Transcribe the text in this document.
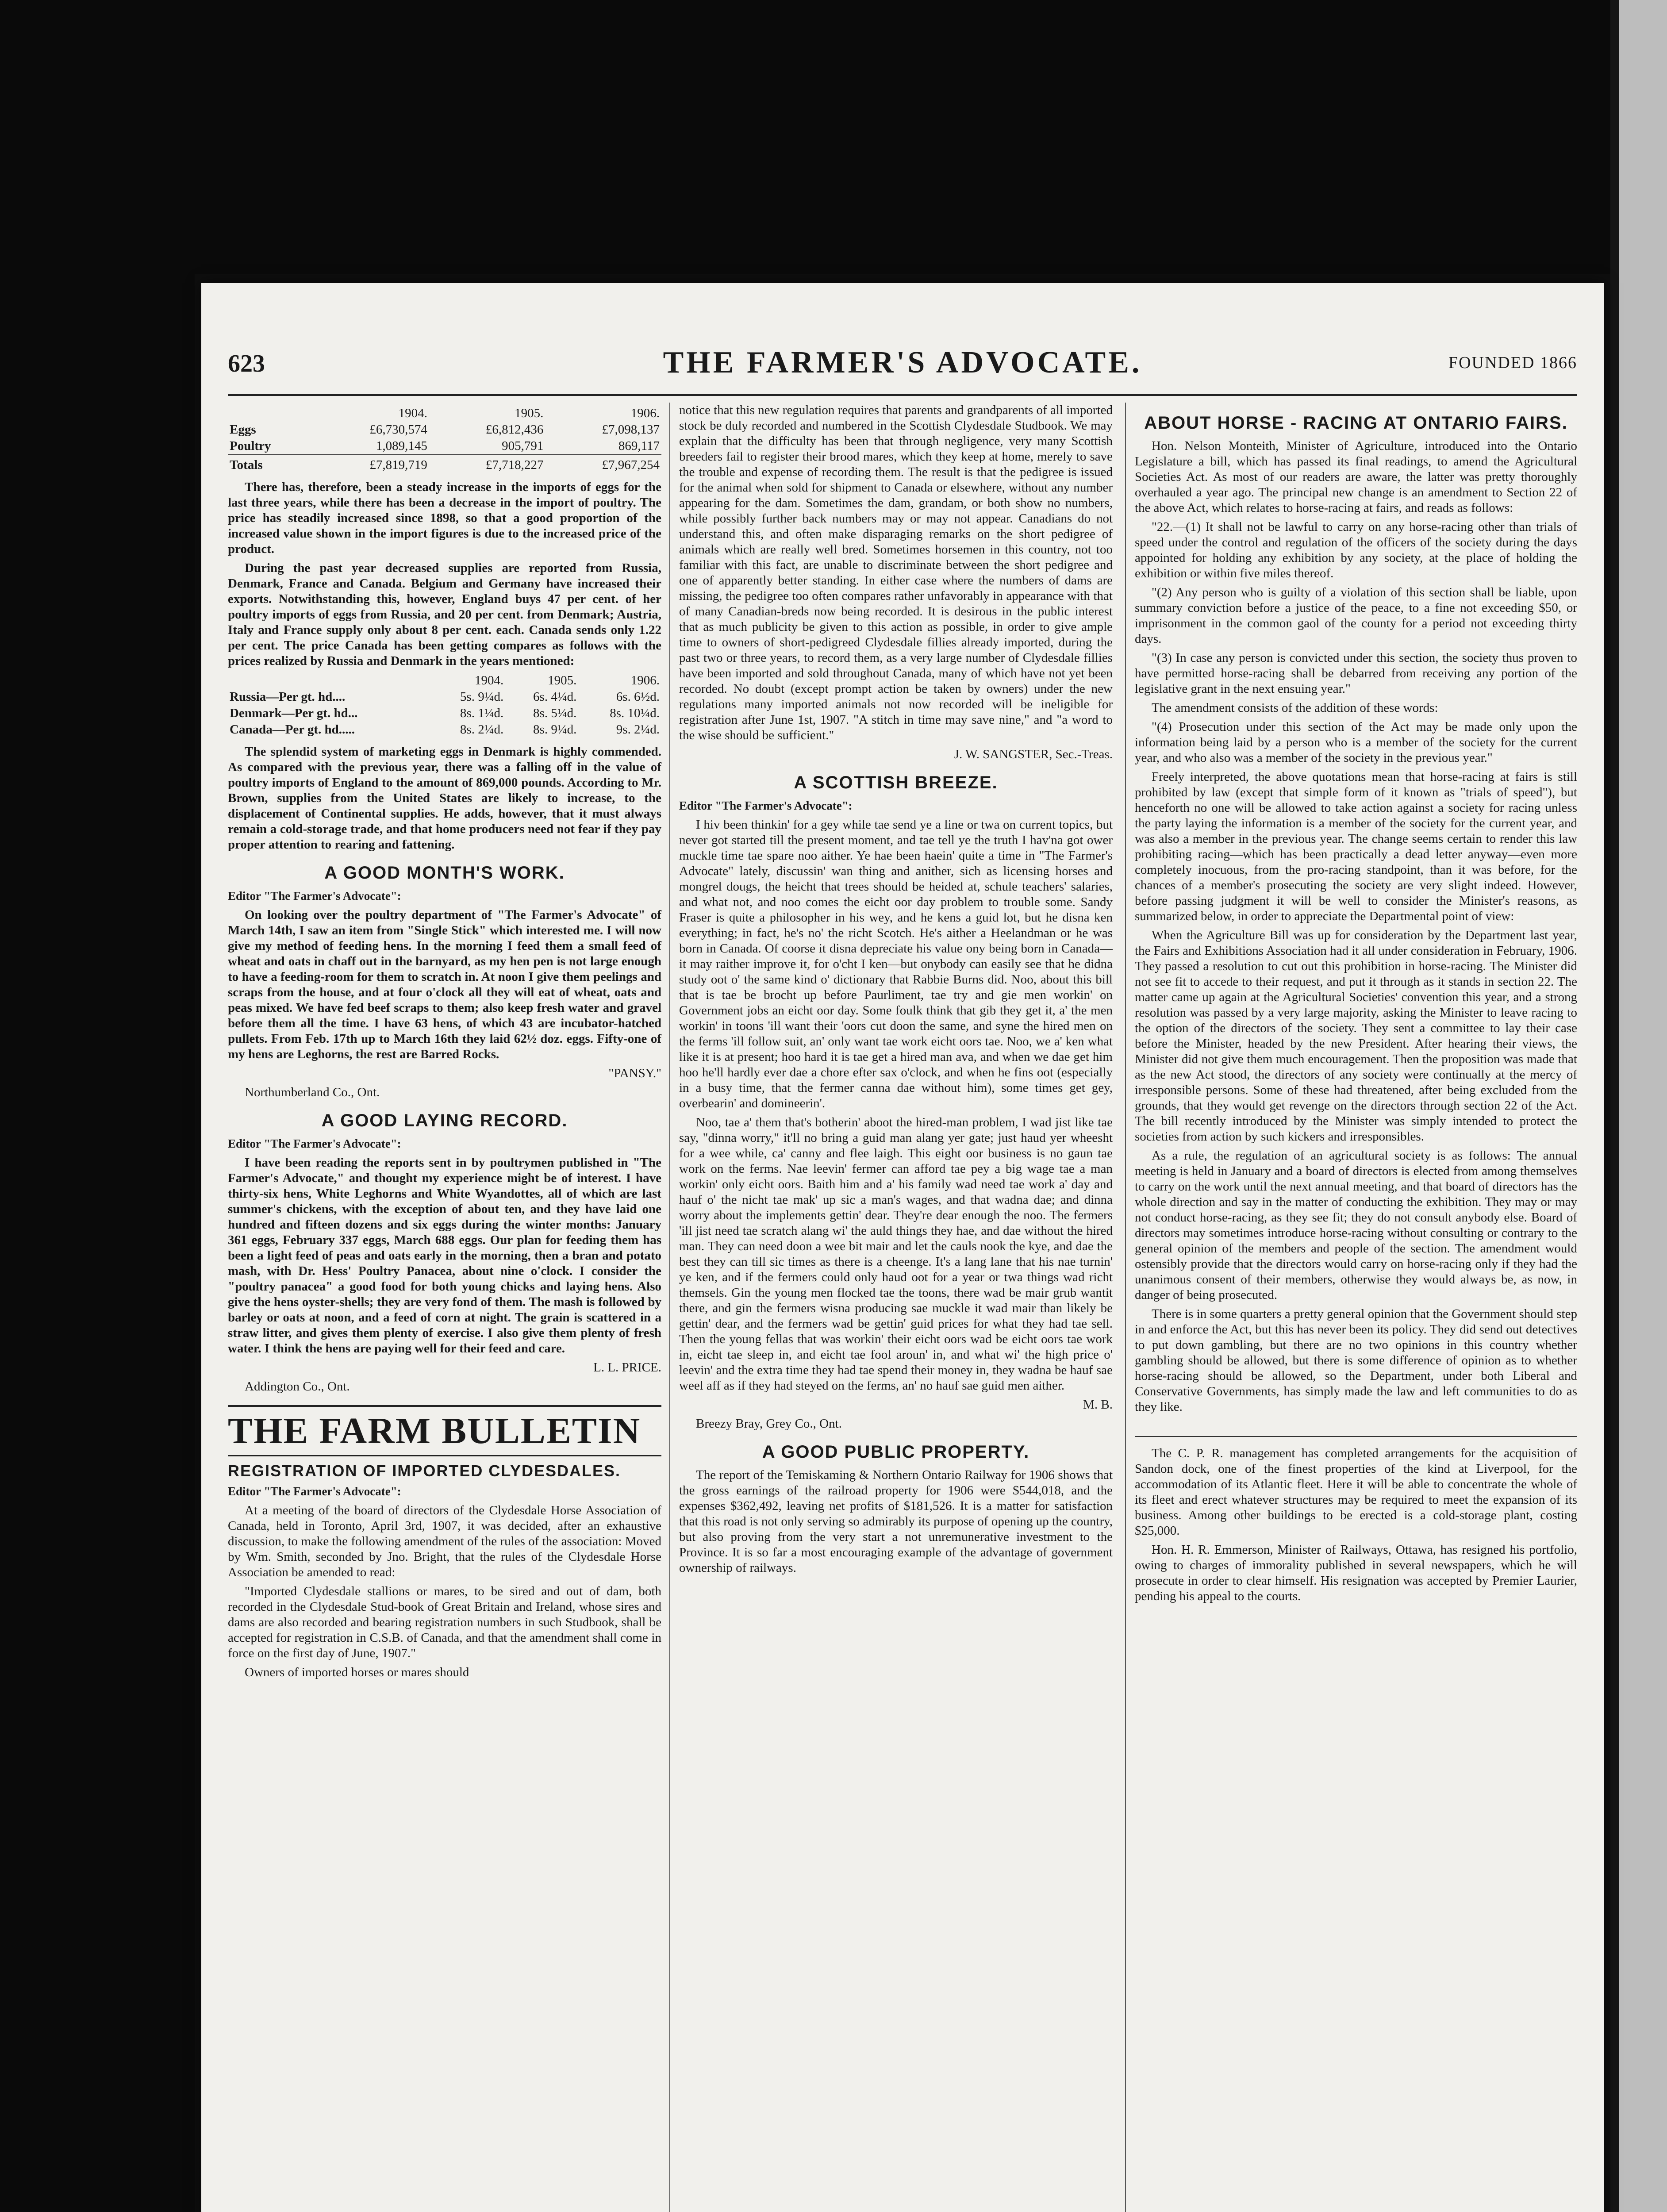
623	THE FARMER'S ADVOCATE.	FOUNDED 1866
	1904.	1905.	1906.
Eggs	£6,730,574	£6,812,436	£7,098,137
Poultry	1,089,145	905,791	869,117
Totals	£7,819,719	£7,718,227	£7,967,254

There has, therefore, been a steady increase in the imports of eggs for the last three years, while there has been a decrease in the import of poultry. The price has steadily increased since 1898, so that a good proportion of the increased value shown in the import figures is due to the increased price of the product.

During the past year decreased supplies are reported from Russia, Denmark, France and Canada. Belgium and Germany have increased their exports. Notwithstanding this, however, England buys 47 per cent. of her poultry imports of eggs from Russia, and 20 per cent. from Denmark; Austria, Italy and France supply only about 8 per cent. each. Canada sends only 1.22 per cent. The price Canada has been getting compares as follows with the prices realized by Russia and Denmark in the years mentioned:

	1904.	1905.	1906.
Russia—Per gt. hd....	5s. 9¼d.	6s. 4¼d.	6s. 6½d.
Denmark—Per gt. hd...	8s. 1¼d.	8s. 5¼d.	8s. 10¼d.
Canada—Per gt. hd.....	8s. 2¼d.	8s. 9¼d.	9s. 2¼d.

The splendid system of marketing eggs in Denmark is highly commended. As compared with the previous year, there was a falling off in the value of poultry imports of England to the amount of 869,000 pounds. According to Mr. Brown, supplies from the United States are likely to increase, to the displacement of Continental supplies. He adds, however, that it must always remain a cold-storage trade, and that home producers need not fear if they pay proper attention to rearing and fattening.

A GOOD MONTH'S WORK.

Editor "The Farmer's Advocate":

On looking over the poultry department of "The Farmer's Advocate" of March 14th, I saw an item from "Single Stick" which interested me. I will now give my method of feeding hens. In the morning I feed them a small feed of wheat and oats in chaff out in the barnyard, as my hen pen is not large enough to have a feeding-room for them to scratch in. At noon I give them peelings and scraps from the house, and at four o'clock all they will eat of wheat, oats and peas mixed. We have fed beef scraps to them; also keep fresh water and gravel before them all the time. I have 63 hens, of which 43 are incubator-hatched pullets. From Feb. 17th up to March 16th they laid 62½ doz. eggs. Fifty-one of my hens are Leghorns, the rest are Barred Rocks.

"PANSY."

Northumberland Co., Ont.

A GOOD LAYING RECORD.

Editor "The Farmer's Advocate":

I have been reading the reports sent in by poultrymen published in "The Farmer's Advocate," and thought my experience might be of interest. I have thirty-six hens, White Leghorns and White Wyandottes, all of which are last summer's chickens, with the exception of about ten, and they have laid one hundred and fifteen dozens and six eggs during the winter months: January 361 eggs, February 337 eggs, March 688 eggs. Our plan for feeding them has been a light feed of peas and oats early in the morning, then a bran and potato mash, with Dr. Hess' Poultry Panacea, about nine o'clock. I consider the "poultry panacea" a good food for both young chicks and laying hens. Also give the hens oyster-shells; they are very fond of them. The mash is followed by barley or oats at noon, and a feed of corn at night. The grain is scattered in a straw litter, and gives them plenty of exercise. I also give them plenty of fresh water. I think the hens are paying well for their feed and care.

L. L. PRICE.

Addington Co., Ont.

THE FARM BULLETIN
REGISTRATION OF IMPORTED CLYDESDALES.

Editor "The Farmer's Advocate":

At a meeting of the board of directors of the Clydesdale Horse Association of Canada, held in Toronto, April 3rd, 1907, it was decided, after an exhaustive discussion, to make the following amendment of the rules of the association: Moved by Wm. Smith, seconded by Jno. Bright, that the rules of the Clydesdale Horse Association be amended to read:

"Imported Clydesdale stallions or mares, to be sired and out of dam, both recorded in the Clydesdale Stud-book of Great Britain and Ireland, whose sires and dams are also recorded and bearing registration numbers in such Studbook, shall be accepted for registration in C.S.B. of Canada, and that the amendment shall come in force on the first day of June, 1907."

Owners of imported horses or mares should

notice that this new regulation requires that parents and grandparents of all imported stock be duly recorded and numbered in the Scottish Clydesdale Studbook. We may explain that the difficulty has been that through negligence, very many Scottish breeders fail to register their brood mares, which they keep at home, merely to save the trouble and expense of recording them. The result is that the pedigree is issued for the animal when sold for shipment to Canada or elsewhere, without any number appearing for the dam. Sometimes the dam, grandam, or both show no numbers, while possibly further back numbers may or may not appear. Canadians do not understand this, and often make disparaging remarks on the short pedigree of animals which are really well bred. Sometimes horsemen in this country, not too familiar with this fact, are unable to discriminate between the short pedigree and one of apparently better standing. In either case where the numbers of dams are missing, the pedigree too often compares rather unfavorably in appearance with that of many Canadian-breds now being recorded. It is desirous in the public interest that as much publicity be given to this action as possible, in order to give ample time to owners of short-pedigreed Clydesdale fillies already imported, during the past two or three years, to record them, as a very large number of Clydesdale fillies have been imported and sold throughout Canada, many of which have not yet been recorded. No doubt (except prompt action be taken by owners) under the new regulations many imported animals not now recorded will be ineligible for registration after June 1st, 1907. "A stitch in time may save nine," and "a word to the wise should be sufficient."

J. W. SANGSTER, Sec.-Treas.

A SCOTTISH BREEZE.

Editor "The Farmer's Advocate":

I hiv been thinkin' for a gey while tae send ye a line or twa on current topics, but never got started till the present moment, and tae tell ye the truth I hav'na got ower muckle time tae spare noo aither. Ye hae been haein' quite a time in "The Farmer's Advocate" lately, discussin' wan thing and anither, sich as licensing horses and mongrel dougs, the heicht that trees should be heided at, schule teachers' salaries, and what not, and noo comes the eicht oor day problem to trouble some. Sandy Fraser is quite a philosopher in his wey, and he kens a guid lot, but he disna ken everything; in fact, he's no' the richt Scotch. He's aither a Heelandman or he was born in Canada. Of coorse it disna depreciate his value ony being born in Canada—it may raither improve it, for o'cht I ken—but onybody can easily see that he didna study oot o' the same kind o' dictionary that Rabbie Burns did. Noo, about this bill that is tae be brocht up before Paurliment, tae try and gie men workin' on Government jobs an eicht oor day. Some foulk think that gib they get it, a' the men workin' in toons 'ill want their 'oors cut doon the same, and syne the hired men on the ferms 'ill follow suit, an' only want tae work eicht oors tae. Noo, we a' ken what like it is at present; hoo hard it is tae get a hired man ava, and when we dae get him hoo he'll hardly ever dae a chore efter sax o'clock, and when he fins oot (especially in a busy time, that the fermer canna dae without him), some times get gey, overbearin' and domineerin'.

Noo, tae a' them that's botherin' aboot the hired-man problem, I wad jist like tae say, "dinna worry," it'll no bring a guid man alang yer gate; just haud yer wheesht for a wee while, ca' canny and flee laigh. This eight oor business is no gaun tae work on the ferms. Nae leevin' fermer can afford tae pey a big wage tae a man workin' only eicht oors. Baith him and a' his family wad need tae work a' day and hauf o' the nicht tae mak' up sic a man's wages, and that wadna dae; and dinna worry about the implements gettin' dear. They're dear enough the noo. The fermers 'ill jist need tae scratch alang wi' the auld things they hae, and dae without the hired man. They can need doon a wee bit mair and let the cauls nook the kye, and dae the best they can till sic times as there is a cheenge. It's a lang lane that his nae turnin' ye ken, and if the fermers could only haud oot for a year or twa things wad richt themsels. Gin the young men flocked tae the toons, there wad be mair grub wantit there, and gin the fermers wisna producing sae muckle it wad mair than likely be gettin' dear, and the fermers wad be gettin' guid prices for what they had tae sell. Then the young fellas that was workin' their eicht oors wad be eicht oors tae work in, eicht tae sleep in, and eicht tae fool aroun' in, and what wi' the high price o' leevin' and the extra time they had tae spend their money in, they wadna be hauf sae weel aff as if they had steyed on the ferms, an' no hauf sae guid men aither.

M. B.

Breezy Bray, Grey Co., Ont.

A GOOD PUBLIC PROPERTY.

The report of the Temiskaming & Northern Ontario Railway for 1906 shows that the gross earnings of the railroad property for 1906 were $544,018, and the expenses $362,492, leaving net profits of $181,526. It is a matter for satisfaction that this road is not only serving so admirably its purpose of opening up the country, but also proving from the very start a not unremunerative investment to the Province. It is so far a most encouraging example of the advantage of government ownership of railways.

ABOUT HORSE - RACING AT ONTARIO FAIRS.

Hon. Nelson Monteith, Minister of Agriculture, introduced into the Ontario Legislature a bill, which has passed its final readings, to amend the Agricultural Societies Act. As most of our readers are aware, the latter was pretty thoroughly overhauled a year ago. The principal new change is an amendment to Section 22 of the above Act, which relates to horse-racing at fairs, and reads as follows:

"22.—(1) It shall not be lawful to carry on any horse-racing other than trials of speed under the control and regulation of the officers of the society during the days appointed for holding any exhibition by any society, at the place of holding the exhibition or within five miles thereof.

"(2) Any person who is guilty of a violation of this section shall be liable, upon summary conviction before a justice of the peace, to a fine not exceeding $50, or imprisonment in the common gaol of the county for a period not exceeding thirty days.

"(3) In case any person is convicted under this section, the society thus proven to have permitted horse-racing shall be debarred from receiving any portion of the legislative grant in the next ensuing year."

The amendment consists of the addition of these words:

"(4) Prosecution under this section of the Act may be made only upon the information being laid by a person who is a member of the society for the current year, and who also was a member of the society in the previous year."

Freely interpreted, the above quotations mean that horse-racing at fairs is still prohibited by law (except that simple form of it known as "trials of speed"), but henceforth no one will be allowed to take action against a society for racing unless the party laying the information is a member of the society for the current year, and was also a member in the previous year. The change seems certain to render this law prohibiting racing—which has been practically a dead letter anyway—even more completely inocuous, from the pro-racing standpoint, than it was before, for the chances of a member's prosecuting the society are very slight indeed. However, before passing judgment it will be well to consider the Minister's reasons, as summarized below, in order to appreciate the Departmental point of view:

When the Agriculture Bill was up for consideration by the Department last year, the Fairs and Exhibitions Association had it all under consideration in February, 1906. They passed a resolution to cut out this prohibition in horse-racing. The Minister did not see fit to accede to their request, and put it through as it stands in section 22. The matter came up again at the Agricultural Societies' convention this year, and a strong resolution was passed by a very large majority, asking the Minister to leave racing to the option of the directors of the society. They sent a committee to lay their case before the Minister, headed by the new President. After hearing their views, the Minister did not give them much encouragement. Then the proposition was made that as the new Act stood, the directors of any society were continually at the mercy of irresponsible persons. Some of these had threatened, after being excluded from the grounds, that they would get revenge on the directors through section 22 of the Act. The bill recently introduced by the Minister was simply intended to protect the societies from action by such kickers and irresponsibles.

As a rule, the regulation of an agricultural society is as follows: The annual meeting is held in January and a board of directors is elected from among themselves to carry on the work until the next annual meeting, and that board of directors has the whole direction and say in the matter of conducting the exhibition. They may or may not conduct horse-racing, as they see fit; they do not consult anybody else. Board of directors may sometimes introduce horse-racing without consulting or contrary to the general opinion of the members and people of the section. The amendment would ostensibly provide that the directors would carry on horse-racing only if they had the unanimous consent of their members, otherwise they would always be, as now, in danger of being prosecuted.

There is in some quarters a pretty general opinion that the Government should step in and enforce the Act, but this has never been its policy. They did send out detectives to put down gambling, but there are no two opinions in this country whether gambling should be allowed, but there is some difference of opinion as to whether horse-racing should be allowed, so the Department, under both Liberal and Conservative Governments, has simply made the law and left communities to do as they like.

The C. P. R. management has completed arrangements for the acquisition of Sandon dock, one of the finest properties of the kind at Liverpool, for the accommodation of its Atlantic fleet. Here it will be able to concentrate the whole of its fleet and erect whatever structures may be required to meet the expansion of its business. Among other buildings to be erected is a cold-storage plant, costing $25,000.

Hon. H. R. Emmerson, Minister of Railways, Ottawa, has resigned his portfolio, owing to charges of immorality published in several newspapers, which he will prosecute in order to clear himself. His resignation was accepted by Premier Laurier, pending his appeal to the courts.
